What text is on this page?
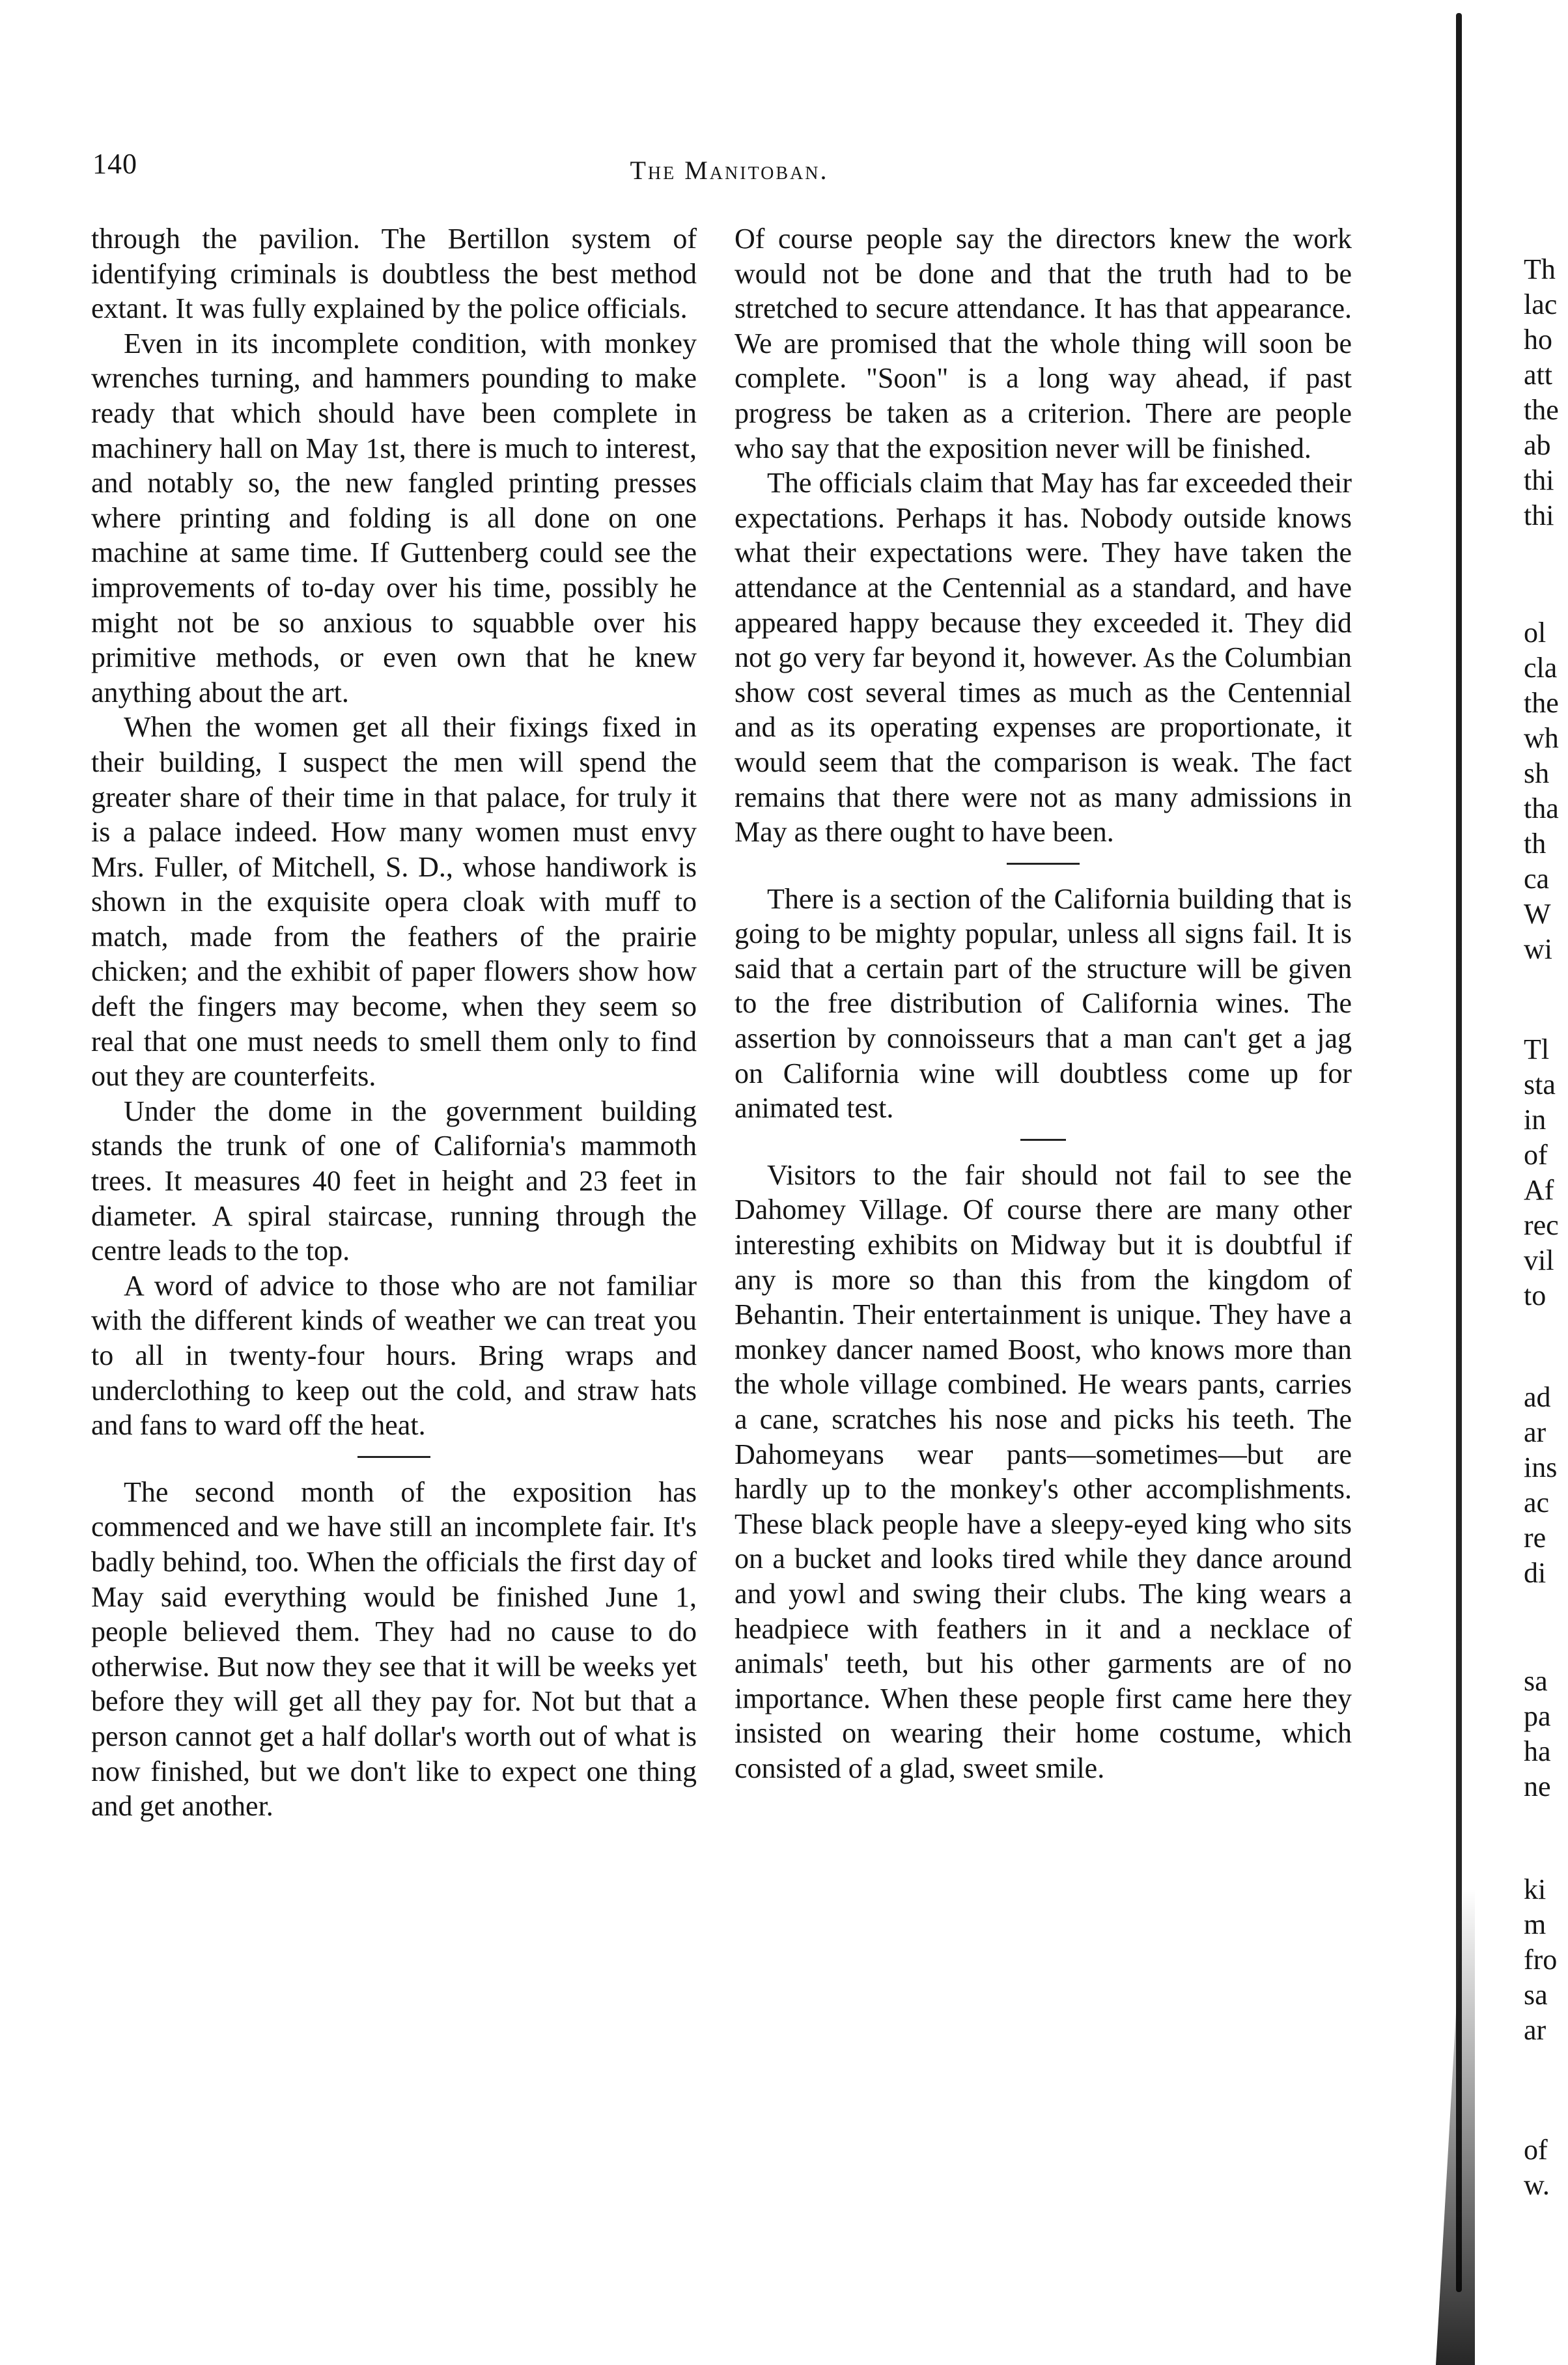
140	The Manitoban.

through the pavilion. The Bertillon system of identifying criminals is doubtless the best method extant. It was fully explained by the police officials.

Even in its incomplete condition, with monkey wrenches turning, and hammers pounding to make ready that which should have been complete in machinery hall on May 1st, there is much to interest, and notably so, the new fangled printing presses where printing and folding is all done on one machine at same time. If Guttenberg could see the improvements of to-day over his time, possibly he might not be so anxious to squabble over his primitive methods, or even own that he knew anything about the art.

When the women get all their fixings fixed in their building, I suspect the men will spend the greater share of their time in that palace, for truly it is a palace indeed. How many women must envy Mrs. Fuller, of Mitchell, S. D., whose handiwork is shown in the exquisite opera cloak with muff to match, made from the feathers of the prairie chicken; and the exhibit of paper flowers show how deft the fingers may become, when they seem so real that one must needs to smell them only to find out they are counterfeits.

Under the dome in the government building stands the trunk of one of California's mammoth trees. It measures 40 feet in height and 23 feet in diameter. A spiral staircase, running through the centre leads to the top.

A word of advice to those who are not familiar with the different kinds of weather we can treat you to all in twenty-four hours. Bring wraps and underclothing to keep out the cold, and straw hats and fans to ward off the heat.

The second month of the exposition has commenced and we have still an incomplete fair. It's badly behind, too. When the officials the first day of May said everything would be finished June 1, people believed them. They had no cause to do otherwise. But now they see that it will be weeks yet before they will get all they pay for. Not but that a person cannot get a half dollar's worth out of what is now finished, but we don't like to expect one thing and get another.

Of course people say the directors knew the work would not be done and that the truth had to be stretched to secure attendance. It has that appearance. We are promised that the whole thing will soon be complete. "Soon" is a long way ahead, if past progress be taken as a criterion. There are people who say that the exposition never will be finished.

The officials claim that May has far exceeded their expectations. Perhaps it has. Nobody outside knows what their expectations were. They have taken the attendance at the Centennial as a standard, and have appeared happy because they exceeded it. They did not go very far beyond it, however. As the Columbian show cost several times as much as the Centennial and as its operating expenses are proportionate, it would seem that the comparison is weak. The fact remains that there were not as many admissions in May as there ought to have been.

There is a section of the California building that is going to be mighty popular, unless all signs fail. It is said that a certain part of the structure will be given to the free distribution of California wines. The assertion by connoisseurs that a man can't get a jag on California wine will doubtless come up for animated test.

Visitors to the fair should not fail to see the Dahomey Village. Of course there are many other interesting exhibits on Midway but it is doubtful if any is more so than this from the kingdom of Behantin. Their entertainment is unique. They have a monkey dancer named Boost, who knows more than the whole village combined. He wears pants, carries a cane, scratches his nose and picks his teeth. The Dahomeyans wear pants—sometimes—but are hardly up to the monkey's other accomplishments. These black people have a sleepy-eyed king who sits on a bucket and looks tired while they dance around and yowl and swing their clubs. The king wears a headpiece with feathers in it and a necklace of animals' teeth, but his other garments are of no importance. When these people first came here they insisted on wearing their home costume, which consisted of a glad, sweet smile.

Th
lac
ho
att
the
ab
thi
thi
ol
cla
the
wh
sh
tha
th
ca
W
wi
Tl
sta
in
of
Af
rec
vil
to
ad
ar
ins
ac
re
di
sa
pa
ha
ne
ki
m
fro
sa
ar
of
w.
